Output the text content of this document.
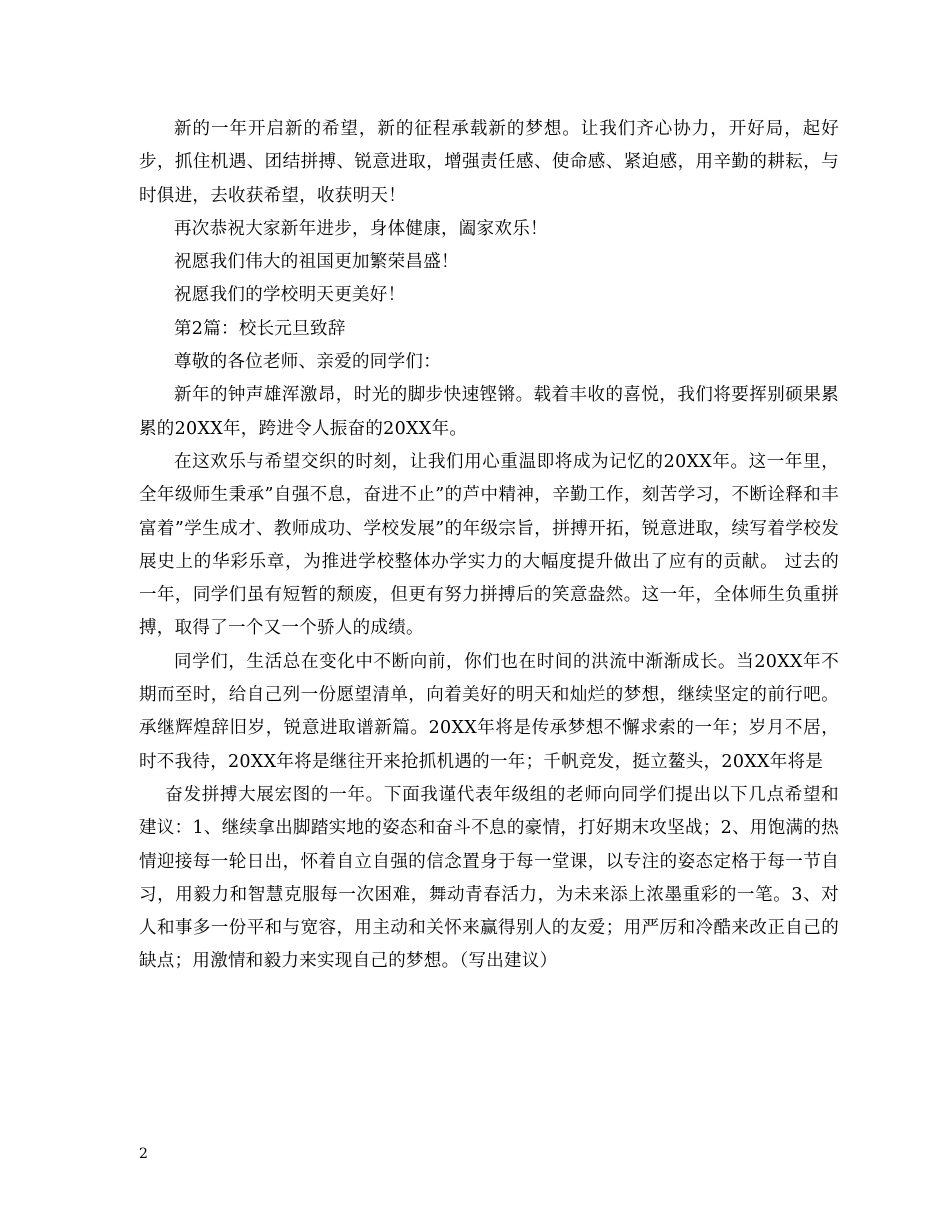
新的一年开启新的希望，新的征程承载新的梦想。让我们齐心协力，开好局，起好步，抓住机遇、团结拼搏、锐意进取，增强责任感、使命感、紧迫感，用辛勤的耕耘，与时俱进，去收获希望，收获明天！

再次恭祝大家新年进步，身体健康，阖家欢乐！

祝愿我们伟大的祖国更加繁荣昌盛！

祝愿我们的学校明天更美好！

第2篇：校长元旦致辞

尊敬的各位老师、亲爱的同学们：

新年的钟声雄浑激昂，时光的脚步快速铿锵。载着丰收的喜悦，我们将要挥别硕果累累的20XX年，跨进令人振奋的20XX年。

在这欢乐与希望交织的时刻，让我们用心重温即将成为记忆的20XX年。这一年里，全年级师生秉承”自强不息，奋进不止”的芦中精神，辛勤工作，刻苦学习，不断诠释和丰富着”学生成才、教师成功、学校发展”的年级宗旨，拼搏开拓，锐意进取，续写着学校发展史上的华彩乐章，为推进学校整体办学实力的大幅度提升做出了应有的贡献。 过去的一年，同学们虽有短暂的颓废，但更有努力拼搏后的笑意盎然。这一年，全体师生负重拼搏，取得了一个又一个骄人的成绩。

同学们，生活总在变化中不断向前，你们也在时间的洪流中渐渐成长。当20XX年不期而至时，给自己列一份愿望清单，向着美好的明天和灿烂的梦想，继续坚定的前行吧。 承继辉煌辞旧岁，锐意进取谱新篇。20XX年将是传承梦想不懈求索的一年；岁月不居，时不我待，20XX年将是继往开来抢抓机遇的一年；千帆竞发，挺立鳌头，20XX年将是

奋发拼搏大展宏图的一年。下面我谨代表年级组的老师向同学们提出以下几点希望和建议：1、继续拿出脚踏实地的姿态和奋斗不息的豪情，打好期末攻坚战；2、用饱满的热情迎接每一轮日出，怀着自立自强的信念置身于每一堂课，以专注的姿态定格于每一节自习，用毅力和智慧克服每一次困难，舞动青春活力，为未来添上浓墨重彩的一笔。3、对人和事多一份平和与宽容，用主动和关怀来赢得别人的友爱；用严厉和冷酷来改正自己的缺点；用激情和毅力来实现自己的梦想。（写出建议）

2
